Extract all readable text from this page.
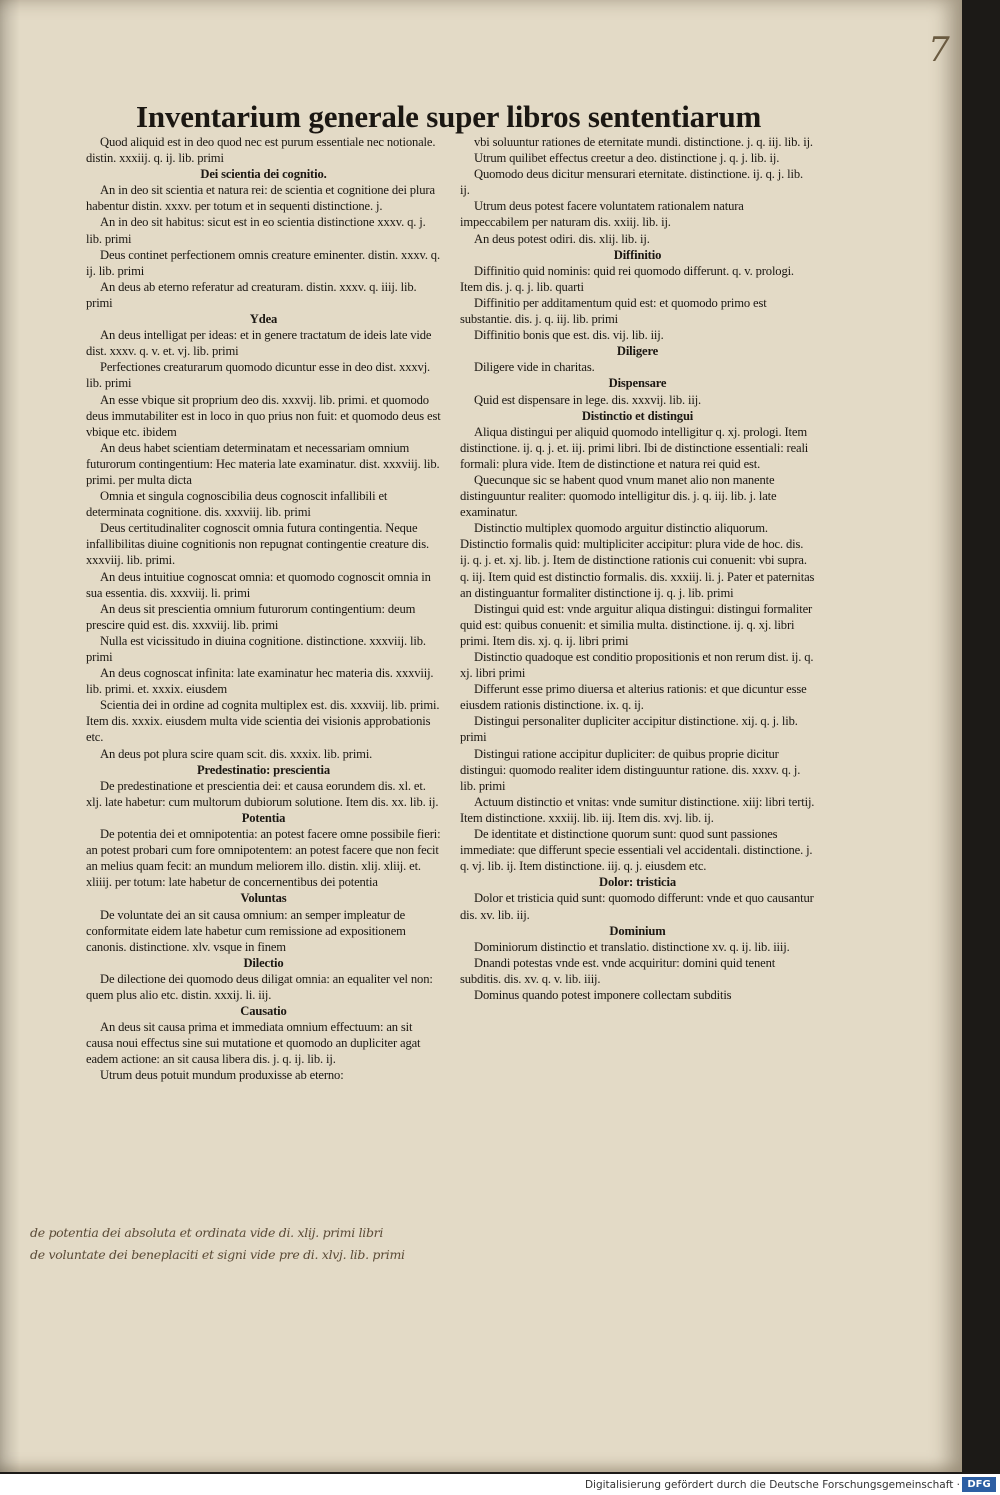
7
Inventarium generale super libros sententiarum

Quod aliquid est in deo quod nec est purum essentiale nec notionale. distin. xxxiij. q. ij. lib. primi

Dei scientia dei cognitio.

An in deo sit scientia et natura rei: de scientia et cognitione dei plura habentur distin. xxxv. per totum et in sequenti distinctione. j.

An in deo sit habitus: sicut est in eo scientia distinctione xxxv. q. j. lib. primi

Deus continet perfectionem omnis creature eminenter. distin. xxxv. q. ij. lib. primi

An deus ab eterno referatur ad creaturam. distin. xxxv. q. iiij. lib. primi

Ydea

An deus intelligat per ideas: et in genere tractatum de ideis late vide dist. xxxv. q. v. et. vj. lib. primi

Perfectiones creaturarum quomodo dicuntur esse in deo dist. xxxvj. lib. primi

An esse vbique sit proprium deo dis. xxxvij. lib. primi. et quomodo deus immutabiliter est in loco in quo prius non fuit: et quomodo deus est vbique etc. ibidem

An deus habet scientiam determinatam et necessariam omnium futurorum contingentium: Hec materia late examinatur. dist. xxxviij. lib. primi. per multa dicta

Omnia et singula cognoscibilia deus cognoscit infallibili et determinata cognitione. dis. xxxviij. lib. primi

Deus certitudinaliter cognoscit omnia futura contingentia. Neque infallibilitas diuine cognitionis non repugnat contingentie creature dis. xxxviij. lib. primi.

An deus intuitiue cognoscat omnia: et quomodo cognoscit omnia in sua essentia. dis. xxxviij. li. primi

An deus sit prescientia omnium futurorum contingentium: deum prescire quid est. dis. xxxviij. lib. primi

Nulla est vicissitudo in diuina cognitione. distinctione. xxxviij. lib. primi

An deus cognoscat infinita: late examinatur hec materia dis. xxxviij. lib. primi. et. xxxix. eiusdem

Scientia dei in ordine ad cognita multiplex est. dis. xxxviij. lib. primi. Item dis. xxxix. eiusdem multa vide scientia dei visionis approbationis etc.

An deus pot plura scire quam scit. dis. xxxix. lib. primi.

Predestinatio: prescientia

De predestinatione et prescientia dei: et causa eorundem dis. xl. et. xlj. late habetur: cum multorum dubiorum solutione. Item dis. xx. lib. ij.

Potentia

De potentia dei et omnipotentia: an potest facere omne possibile fieri: an potest probari cum fore omnipotentem: an potest facere que non fecit an melius quam fecit: an mundum meliorem illo. distin. xlij. xliij. et. xliiij. per totum: late habetur de concernentibus dei potentia

Voluntas

De voluntate dei an sit causa omnium: an semper impleatur de conformitate eidem late habetur cum remissione ad expositionem canonis. distinctione. xlv. vsque in finem

Dilectio

De dilectione dei quomodo deus diligat omnia: an equaliter vel non: quem plus alio etc. distin. xxxij. li. iij.

Causatio

An deus sit causa prima et immediata omnium effectuum: an sit causa noui effectus sine sui mutatione et quomodo an dupliciter agat eadem actione: an sit causa libera dis. j. q. ij. lib. ij.

Utrum deus potuit mundum produxisse ab eterno:

vbi soluuntur rationes de eternitate mundi. distinctione. j. q. iij. lib. ij.

Utrum quilibet effectus creetur a deo. distinctione j. q. j. lib. ij.

Quomodo deus dicitur mensurari eternitate. distinctione. ij. q. j. lib. ij.

Utrum deus potest facere voluntatem rationalem natura impeccabilem per naturam dis. xxiij. lib. ij.

An deus potest odiri. dis. xlij. lib. ij.

Diffinitio

Diffinitio quid nominis: quid rei quomodo differunt. q. v. prologi. Item dis. j. q. j. lib. quarti

Diffinitio per additamentum quid est: et quomodo primo est substantie. dis. j. q. iij. lib. primi

Diffinitio bonis que est. dis. vij. lib. iij.

Diligere

Diligere vide in charitas.

Dispensare

Quid est dispensare in lege. dis. xxxvij. lib. iij.

Distinctio et distingui

Aliqua distingui per aliquid quomodo intelligitur q. xj. prologi. Item distinctione. ij. q. j. et. iij. primi libri. Ibi de distinctione essentiali: reali formali: plura vide. Item de distinctione et natura rei quid est.

Quecunque sic se habent quod vnum manet alio non manente distinguuntur realiter: quomodo intelligitur dis. j. q. iij. lib. j. late examinatur.

Distinctio multiplex quomodo arguitur distinctio aliquorum. Distinctio formalis quid: multipliciter accipitur: plura vide de hoc. dis. ij. q. j. et. xj. lib. j. Item de distinctione rationis cui conuenit: vbi supra. q. iij. Item quid est distinctio formalis. dis. xxxiij. li. j. Pater et paternitas an distinguantur formaliter distinctione ij. q. j. lib. primi

Distingui quid est: vnde arguitur aliqua distingui: distingui formaliter quid est: quibus conuenit: et similia multa. distinctione. ij. q. xj. libri primi. Item dis. xj. q. ij. libri primi

Distinctio quadoque est conditio propositionis et non rerum dist. ij. q. xj. libri primi

Differunt esse primo diuersa et alterius rationis: et que dicuntur esse eiusdem rationis distinctione. ix. q. ij.

Distingui personaliter dupliciter accipitur distinctione. xij. q. j. lib. primi

Distingui ratione accipitur dupliciter: de quibus proprie dicitur distingui: quomodo realiter idem distinguuntur ratione. dis. xxxv. q. j. lib. primi

Actuum distinctio et vnitas: vnde sumitur distinctione. xiij: libri tertij. Item distinctione. xxxiij. lib. iij. Item dis. xvj. lib. ij.

De identitate et distinctione quorum sunt: quod sunt passiones immediate: que differunt specie essentiali vel accidentali. distinctione. j. q. vj. lib. ij. Item distinctione. iij. q. j. eiusdem etc.

Dolor: tristicia

Dolor et tristicia quid sunt: quomodo differunt: vnde et quo causantur dis. xv. lib. iij.

Dominium

Dominiorum distinctio et translatio. distinctione xv. q. ij. lib. iiij.

Dnandi potestas vnde est. vnde acquiritur: domini quid tenent subditis. dis. xv. q. v. lib. iiij.

Dominus quando potest imponere collectam subditis

de potentia dei absoluta et ordinata vide di. xlij. primi libri
de voluntate dei beneplaciti et signi vide pre di. xlvj. lib. primi
Digitalisierung gefördert durch die Deutsche Forschungsgemeinschaft · DFG
